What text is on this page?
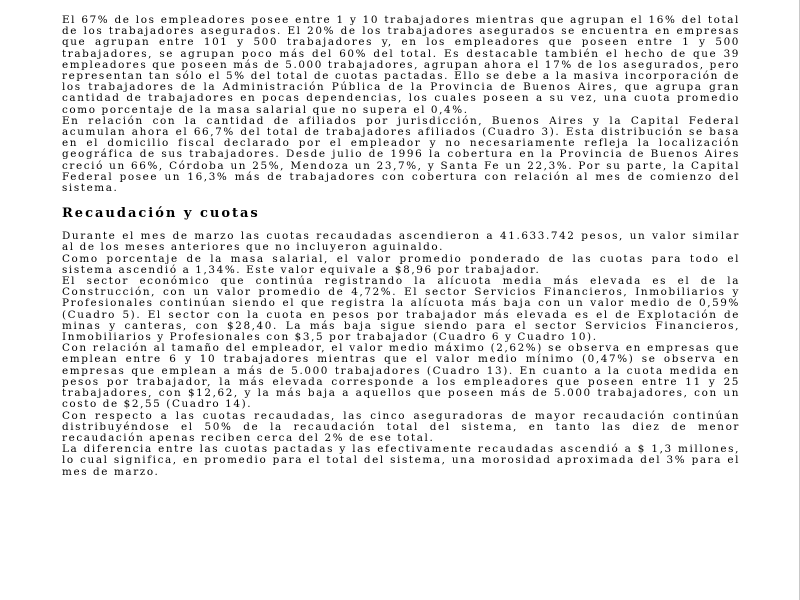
El 67% de los empleadores posee entre 1 y 10 trabajadores mientras que agrupan el 16% del total de los trabajadores asegurados. El 20% de los trabajadores asegurados se encuentra en empresas que agrupan entre 101 y 500 trabajadores y, en los empleadores que poseen entre 1 y 500 trabajadores, se agrupan poco más del 60% del total. Es destacable también el hecho de que 39 empleadores que poseen más de 5.000 trabajadores, agrupan ahora el 17% de los asegurados, pero representan tan sólo el 5% del total de cuotas pactadas. Ello se debe a la masiva incorporación de los trabajadores de la Administración Pública de la Provincia de Buenos Aires, que agrupa gran cantidad de trabajadores en pocas dependencias, los cuales poseen a su vez, una cuota promedio como porcentaje de la masa salarial que no supera el 0,4%.

En relación con la cantidad de afiliados por jurisdicción, Buenos Aires y la Capital Federal acumulan ahora el 66,7% del total de trabajadores afiliados (Cuadro 3). Esta distribución se basa en el domicilio fiscal declarado por el empleador y no necesariamente refleja la localización geográfica de sus trabajadores. Desde julio de 1996 la cobertura en la Provincia de Buenos Aires creció un 66%, Córdoba un 25%, Mendoza un 23,7%, y Santa Fe un 22,3%. Por su parte, la Capital Federal posee un 16,3% más de trabajadores con cobertura con relación al mes de comienzo del sistema.

Recaudación y cuotas

Durante el mes de marzo las cuotas recaudadas ascendieron a 41.633.742 pesos, un valor similar al de los meses anteriores que no incluyeron aguinaldo.

Como porcentaje de la masa salarial, el valor promedio ponderado de las cuotas para todo el sistema ascendió a 1,34%. Este valor equivale a $8,96 por trabajador.

El sector económico que continúa registrando la alícuota media más elevada es el de la Construcción, con un valor promedio de 4,72%. El sector Servicios Financieros, Inmobiliarios y Profesionales continúan siendo el que registra la alícuota más baja con un valor medio de 0,59% (Cuadro 5). El sector con la cuota en pesos por trabajador más elevada es el de Explotación de minas y canteras, con $28,40. La más baja sigue siendo para el sector Servicios Financieros, Inmobiliarios y Profesionales con $3,5 por trabajador (Cuadro 6 y Cuadro 10).

Con relación al tamaño del empleador, el valor medio máximo (2,62%) se observa en empresas que emplean entre 6 y 10 trabajadores mientras que el valor medio mínimo (0,47%) se observa en empresas que emplean a más de 5.000 trabajadores (Cuadro 13). En cuanto a la cuota medida en pesos por trabajador, la más elevada corresponde a los empleadores que poseen entre 11 y 25 trabajadores, con $12,62, y la más baja a aquellos que poseen más de 5.000 trabajadores, con un costo de $2,55 (Cuadro 14).

Con respecto a las cuotas recaudadas, las cinco aseguradoras de mayor recaudación continúan distribuyéndose el 50% de la recaudación total del sistema, en tanto las diez de menor recaudación apenas reciben cerca del 2% de ese total.

La diferencia entre las cuotas pactadas y las efectivamente recaudadas ascendió a $ 1,3 millones, lo cual significa, en promedio para el total del sistema, una morosidad aproximada del 3% para el mes de marzo.
